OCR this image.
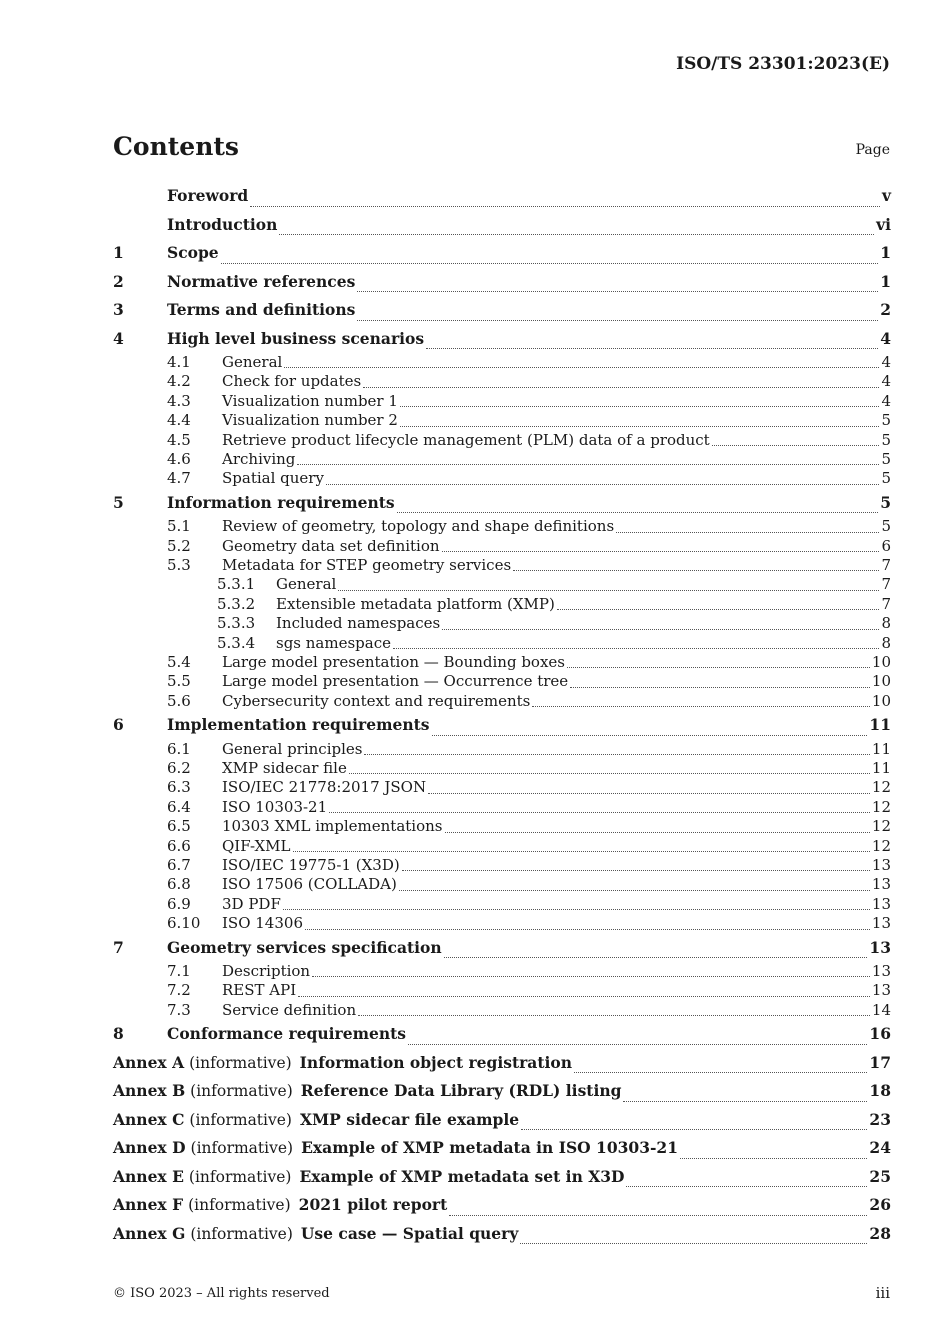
ISO/TS 23301:2023(E)
Contents	Page
Foreword	v
Introduction	vi
1	Scope	1
2	Normative references	1
3	Terms and definitions	2
4	High level business scenarios	4
4.1	General	4
4.2	Check for updates	4
4.3	Visualization number 1	4
4.4	Visualization number 2	5
4.5	Retrieve product lifecycle management (PLM) data of a product	5
4.6	Archiving	5
4.7	Spatial query	5
5	Information requirements	5
5.1	Review of geometry, topology and shape definitions	5
5.2	Geometry data set definition	6
5.3	Metadata for STEP geometry services	7
5.3.1	General	7
5.3.2	Extensible metadata platform (XMP)	7
5.3.3	Included namespaces	8
5.3.4	sgs namespace	8
5.4	Large model presentation — Bounding boxes	10
5.5	Large model presentation — Occurrence tree	10
5.6	Cybersecurity context and requirements	10
6	Implementation requirements	11
6.1	General principles	11
6.2	XMP sidecar file	11
6.3	ISO/IEC 21778:2017 JSON	12
6.4	ISO 10303-21	12
6.5	10303 XML implementations	12
6.6	QIF-XML	12
6.7	ISO/IEC 19775-1 (X3D)	13
6.8	ISO 17506 (COLLADA)	13
6.9	3D PDF	13
6.10	ISO 14306	13
7	Geometry services specification	13
7.1	Description	13
7.2	REST API	13
7.3	Service definition	14
8	Conformance requirements	16
Annex A (informative) Information object registration	17
Annex B (informative) Reference Data Library (RDL) listing	18
Annex C (informative) XMP sidecar file example	23
Annex D (informative) Example of XMP metadata in ISO 10303-21	24
Annex E (informative) Example of XMP metadata set in X3D	25
Annex F (informative) 2021 pilot report	26
Annex G (informative) Use case — Spatial query	28
© ISO 2023 – All rights reserved	iii
